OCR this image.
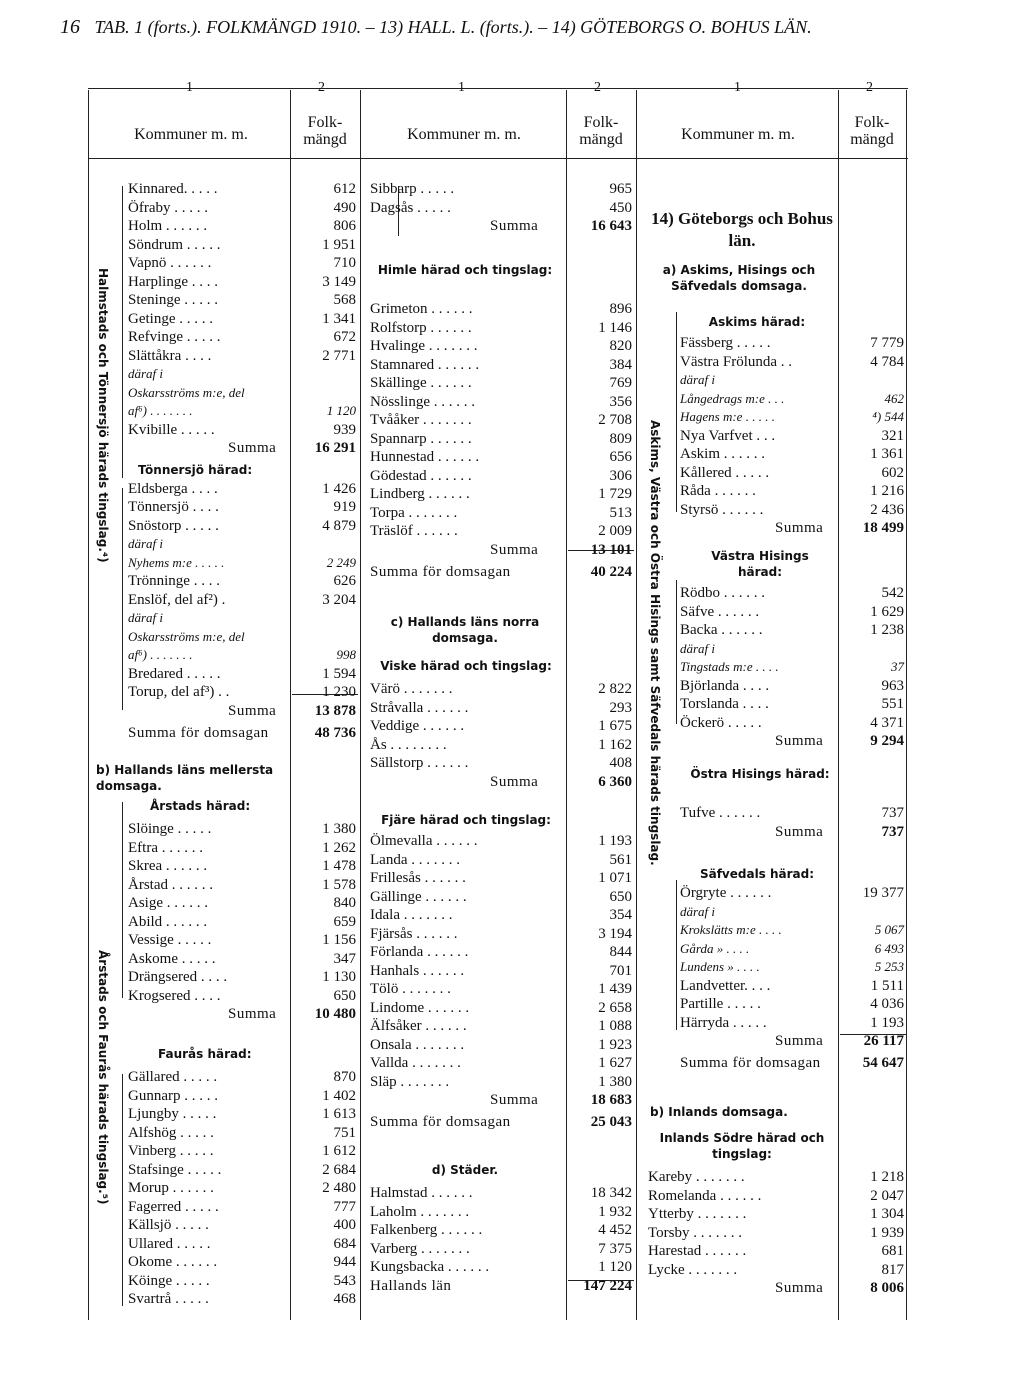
16 TAB. 1 (forts.). FOLKMÄNGD 1910. – 13) HALL. L. (forts.). – 14) GÖTEBORGS O. BOHUS LÄN.
1	2	1	2	1	2
Kommuner m. m.
Folk-
mängd	Kommuner m. m.
Folk-
mängd	Kommuner m. m.
Folk-
mängd
Halmstads och Tönnersjö härads tingslag.⁴)
Årstads och Faurås härads tingslag.⁵)
Askims, Västra och Östra Hisings samt Säfvedals härads tingslag.
Kinnared. . . . .	612
Öfraby . . . . .	490
Holm . . . . . .	806
Söndrum . . . . .	1 951
Vapnö . . . . . .	710
Harplinge . . . .	3 149
Steninge . . . . .	568
Getinge . . . . .	1 341
Refvinge . . . . .	672
Slättåkra . . . .	2 771
däraf i
Oskarsströms m:e, del
af⁶) . . . . . . .	1 120
Kvibille . . . . .	939
Summa	16 291
Tönnersjö härad:
Eldsberga . . . .	1 426
Tönnersjö . . . .	919
Snöstorp . . . . .	4 879
däraf i
Nyhems m:e . . . . .	2 249
Trönninge . . . .	626
Enslöf, del af²) .	3 204
däraf i
Oskarsströms m:e, del
af⁶) . . . . . . .	998
Bredared . . . . .	1 594
Torup, del af³) . .	1 230
Summa	13 878
Summa för domsagan	48 736
b) Hallands läns mellersta domsaga.
Årstads härad:
Slöinge . . . . .	1 380
Eftra . . . . . .	1 262
Skrea . . . . . .	1 478
Årstad . . . . . .	1 578
Asige . . . . . .	840
Abild . . . . . .	659
Vessige . . . . .	1 156
Askome . . . . .	347
Drängsered . . . .	1 130
Krogsered . . . .	650
Summa	10 480
Faurås härad:
Gällared . . . . .	870
Gunnarp . . . . .	1 402
Ljungby . . . . .	1 613
Alfshög . . . . .	751
Vinberg . . . . .	1 612
Stafsinge . . . . .	2 684
Morup . . . . . .	2 480
Fagerred . . . . .	777
Källsjö . . . . .	400
Ullared . . . . .	684
Okome . . . . . .	944
Köinge . . . . .	543
Svartrå . . . . .	468
Sibbarp . . . . .	965
Dagsås . . . . .	450
Summa	16 643
Himle härad och tingslag:
Grimeton . . . . . .	896
Rolfstorp . . . . . .	1 146
Hvalinge . . . . . . .	820
Stamnared . . . . . .	384
Skällinge . . . . . .	769
Nösslinge . . . . . .	356
Tvååker . . . . . . .	2 708
Spannarp . . . . . .	809
Hunnestad . . . . . .	656
Gödestad . . . . . .	306
Lindberg . . . . . .	1 729
Torpa . . . . . . .	513
Träslöf . . . . . .	2 009
Summa	13 101
Summa för domsagan	40 224
c) Hallands läns norra domsaga.
Viske härad och tingslag:
Värö . . . . . . .	2 822
Stråvalla . . . . . .	293
Veddige . . . . . .	1 675
Ås . . . . . . . .	1 162
Sällstorp . . . . . .	408
Summa	6 360
Fjäre härad och tingslag:
Ölmevalla . . . . . .	1 193
Landa . . . . . . .	561
Frillesås . . . . . .	1 071
Gällinge . . . . . .	650
Idala . . . . . . .	354
Fjärsås . . . . . .	3 194
Förlanda . . . . . .	844
Hanhals . . . . . .	701
Tölö . . . . . . .	1 439
Lindome . . . . . .	2 658
Älfsåker . . . . . .	1 088
Onsala . . . . . . .	1 923
Vallda . . . . . . .	1 627
Släp . . . . . . .	1 380
Summa	18 683
Summa för domsagan	25 043
d) Städer.
Halmstad . . . . . .	18 342
Laholm . . . . . . .	1 932
Falkenberg . . . . . .	4 452
Varberg . . . . . . .	7 375
Kungsbacka . . . . . .	1 120
Hallands län	147 224
14) Göteborgs och Bohus län.
a) Askims, Hisings och Säfvedals domsaga.
Askims härad:
Fässberg . . . . .	7 779
Västra Frölunda . .	4 784
däraf i
Långedrags m:e . . .	462
Hagens m:e . . . . .	⁴) 544
Nya Varfvet . . .	321
Askim . . . . . .	1 361
Kållered . . . . .	602
Råda . . . . . .	1 216
Styrsö . . . . . .	2 436
Summa	18 499
Västra Hisings härad:
Rödbo . . . . . .	542
Säfve . . . . . .	1 629
Backa . . . . . .	1 238
däraf i
Tingstads m:e . . . .	37
Björlanda . . . .	963
Torslanda . . . .	551
Öckerö . . . . .	4 371
Summa	9 294
Östra Hisings härad:
Tufve . . . . . .	737
Summa	737
Säfvedals härad:
Örgryte . . . . . .	19 377
däraf i
Krokslätts m:e . . . .	5 067
Gårda » . . . .	6 493
Lundens » . . . .	5 253
Landvetter. . . .	1 511
Partille . . . . .	4 036
Härryda . . . . .	1 193
Summa	26 117
Summa för domsagan	54 647
b) Inlands domsaga.
Inlands Södre härad och tingslag:
Kareby . . . . . . .	1 218
Romelanda . . . . . .	2 047
Ytterby . . . . . . .	1 304
Torsby . . . . . . .	1 939
Harestad . . . . . .	681
Lycke . . . . . . .	817
Summa	8 006
